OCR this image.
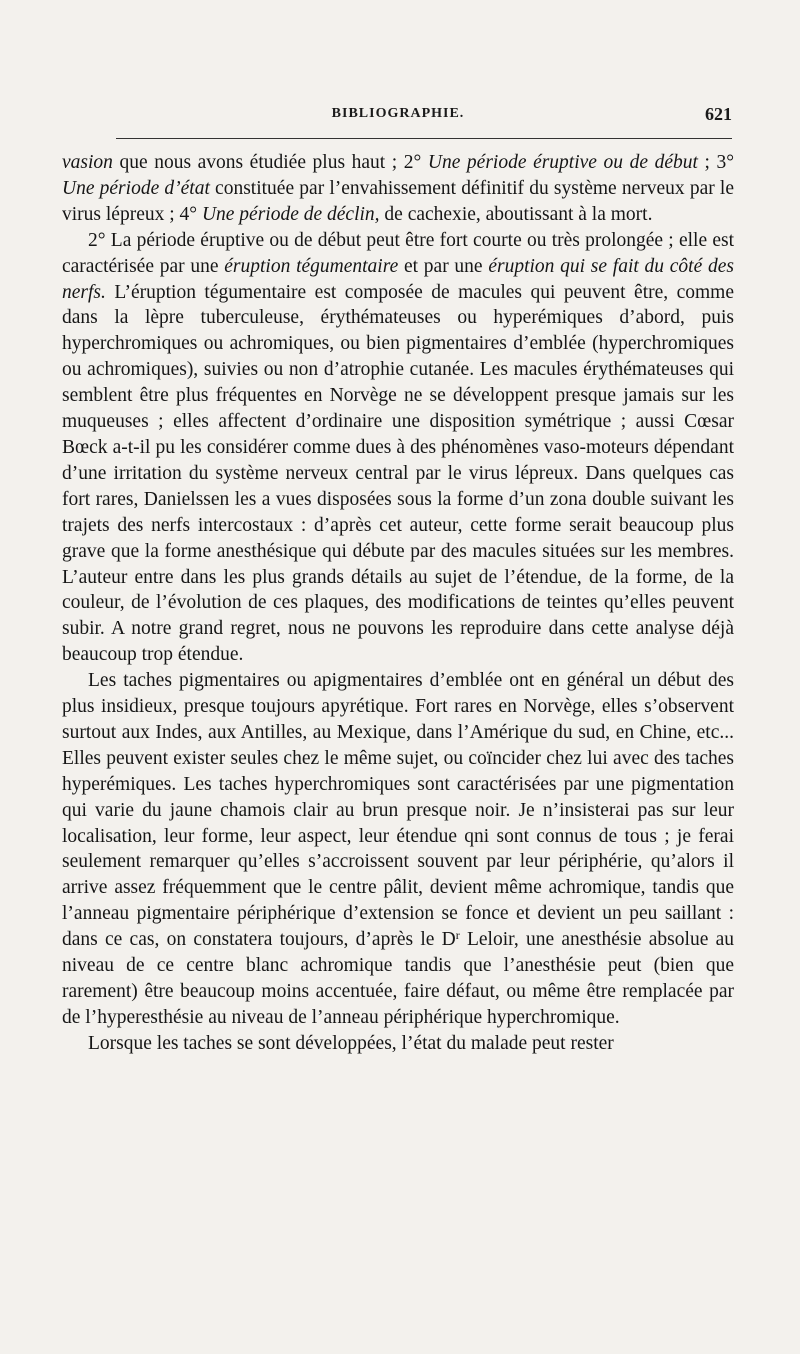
BIBLIOGRAPHIE.	621

vasion que nous avons étudiée plus haut ; 2° Une période éruptive ou de début ; 3° Une période d’état constituée par l’envahissement définitif du système nerveux par le virus lépreux ; 4° Une période de déclin, de cachexie, aboutissant à la mort.

2° La période éruptive ou de début peut être fort courte ou très prolongée ; elle est caractérisée par une éruption tégumentaire et par une éruption qui se fait du côté des nerfs. L’éruption tégumentaire est composée de macules qui peuvent être, comme dans la lèpre tuberculeuse, érythémateuses ou hyperémiques d’abord, puis hyperchromiques ou achromiques, ou bien pigmentaires d’emblée (hyperchromiques ou achromiques), suivies ou non d’atrophie cutanée. Les macules érythémateuses qui semblent être plus fréquentes en Norvège ne se développent presque jamais sur les muqueuses ; elles affectent d’ordinaire une disposition symétrique ; aussi Cœsar Bœck a-t-il pu les considérer comme dues à des phénomènes vaso-moteurs dépendant d’une irritation du système nerveux central par le virus lépreux. Dans quelques cas fort rares, Danielssen les a vues disposées sous la forme d’un zona double suivant les trajets des nerfs intercostaux : d’après cet auteur, cette forme serait beaucoup plus grave que la forme anesthésique qui débute par des macules situées sur les membres. L’auteur entre dans les plus grands détails au sujet de l’étendue, de la forme, de la couleur, de l’évolution de ces plaques, des modifications de teintes qu’elles peuvent subir. A notre grand regret, nous ne pouvons les reproduire dans cette analyse déjà beaucoup trop étendue.

Les taches pigmentaires ou apigmentaires d’emblée ont en général un début des plus insidieux, presque toujours apyrétique. Fort rares en Norvège, elles s’observent surtout aux Indes, aux Antilles, au Mexique, dans l’Amérique du sud, en Chine, etc... Elles peuvent exister seules chez le même sujet, ou coïncider chez lui avec des taches hyperémiques. Les taches hyperchromiques sont caractérisées par une pigmentation qui varie du jaune chamois clair au brun presque noir. Je n’insisterai pas sur leur localisation, leur forme, leur aspect, leur étendue qni sont connus de tous ; je ferai seulement remarquer qu’elles s’accroissent souvent par leur périphérie, qu’alors il arrive assez fréquemment que le centre pâlit, devient même achromique, tandis que l’anneau pigmentaire périphérique d’extension se fonce et devient un peu saillant : dans ce cas, on constatera toujours, d’après le $D^r$ Leloir, une anesthésie absolue au niveau de ce centre blanc achromique tandis que l’anesthésie peut (bien que rarement) être beaucoup moins accentuée, faire défaut, ou même être remplacée par de l’hyperesthésie au niveau de l’anneau périphérique hyperchromique.

Lorsque les taches se sont développées, l’état du malade peut rester
